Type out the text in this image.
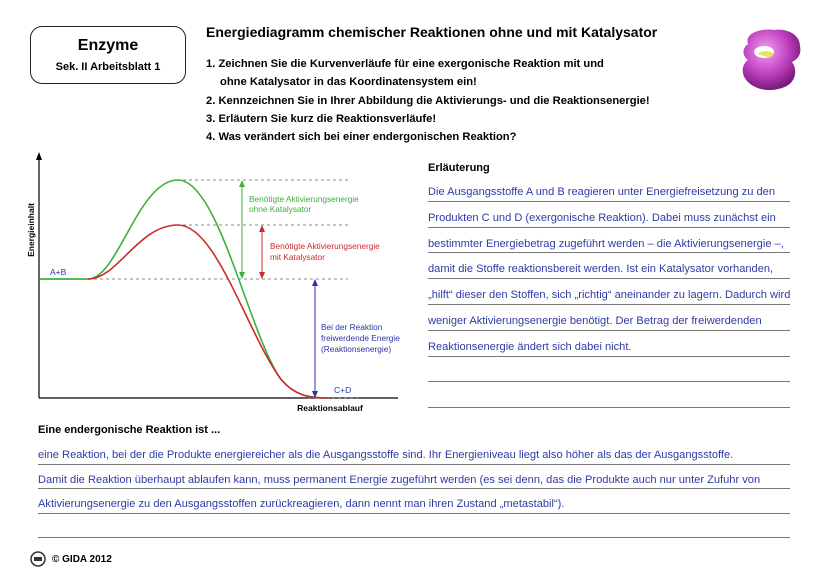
Enzyme
Sek. II Arbeitsblatt 1
Energiediagramm chemischer Reaktionen ohne und mit Katalysator
1. Zeichnen Sie die Kurvenverläufe für eine exergonische Reaktion mit und
ohne Katalysator in das Koordinatensystem ein!
2. Kennzeichnen Sie in Ihrer Abbildung die Aktivierungs- und die Reaktionsenergie!
3. Erläutern Sie kurz die Reaktionsverläufe!
4. Was verändert sich bei einer endergonischen Reaktion?
Energieinhalt
Reaktionsablauf
A+B
C+D
Benötigte Aktivierungsenergie
ohne Katalysator
Benötigte Aktivierungsenergie
mit Katalysator
Bei der Reaktion
freiwerdende Energie
(Reaktionsenergie)
Erläuterung
Die Ausgangsstoffe A und B reagieren unter Energiefreisetzung zu den
Produkten C und D (exergonische Reaktion). Dabei muss zunächst ein
bestimmter Energiebetrag zugeführt werden – die Aktivierungsenergie –,
damit die Stoffe reaktionsbereit werden. Ist ein Katalysator vorhanden,
„hilft“ dieser den Stoffen, sich „richtig“ aneinander zu lagern. Dadurch wird
weniger Aktivierungsenergie benötigt. Der Betrag der freiwerdenden
Reaktionsenergie ändert sich dabei nicht.
Eine endergonische Reaktion ist ...
eine Reaktion, bei der die Produkte energiereicher als die Ausgangsstoffe sind. Ihr Energieniveau liegt also höher als das der Ausgangsstoffe.
Damit die Reaktion überhaupt ablaufen kann, muss permanent Energie zugeführt werden (es sei denn, das die Produkte auch nur unter Zufuhr von
Aktivierungsenergie zu den Ausgangsstoffen zurückreagieren, dann nennt man ihren Zustand „metastabil“).
© GIDA 2012
